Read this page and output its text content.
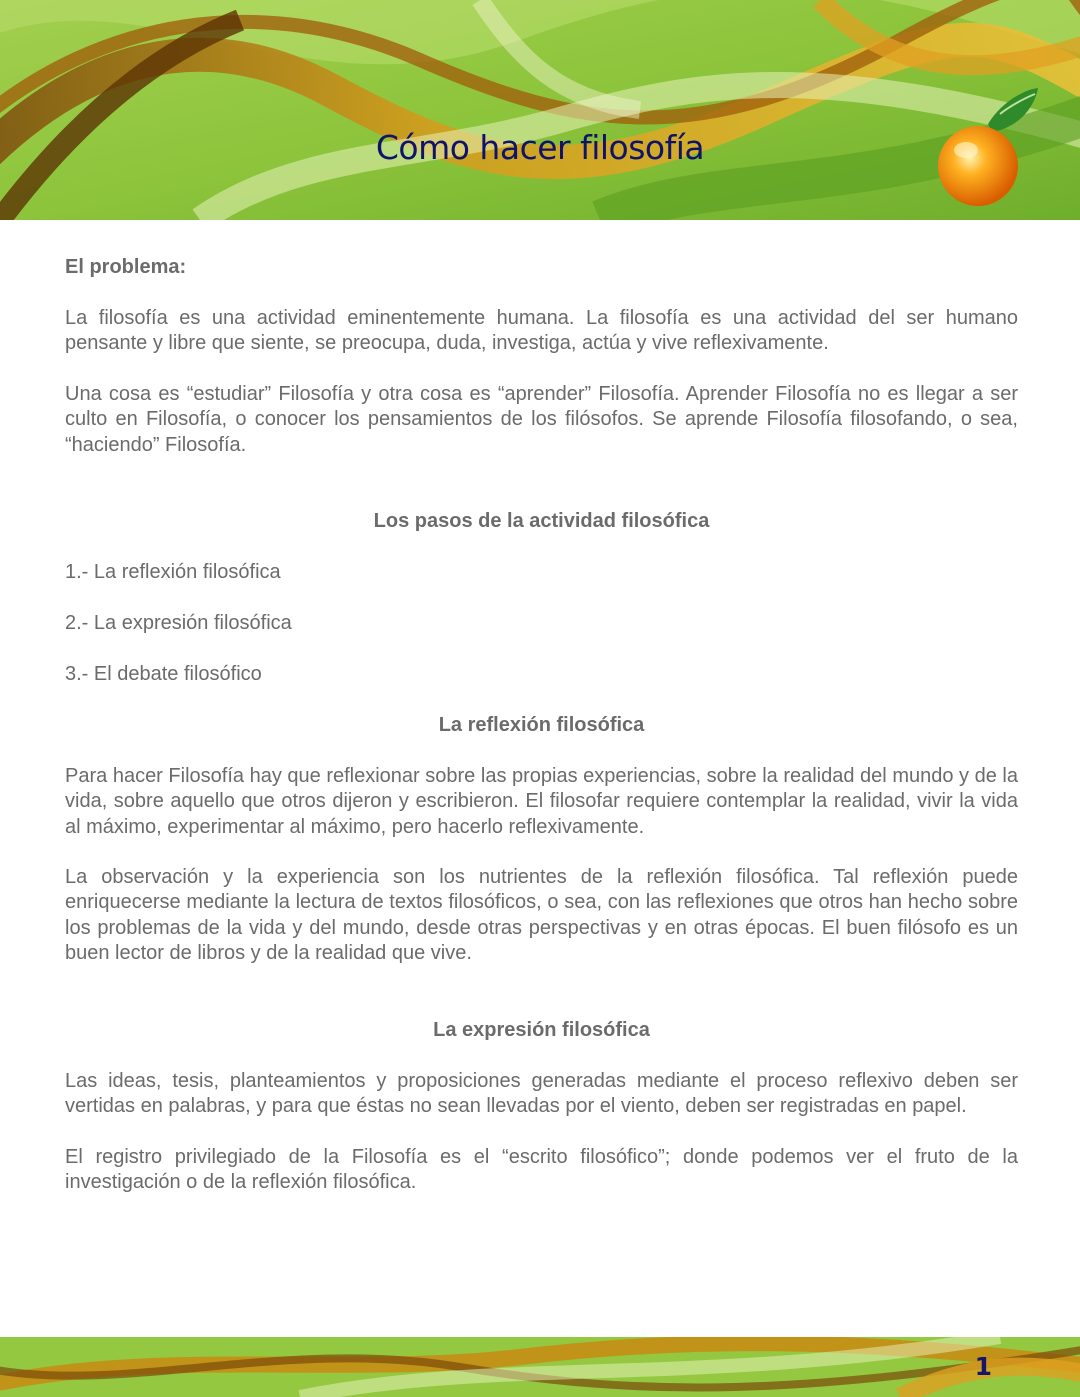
Cómo hacer filosofía

El problema:

La filosofía es una actividad eminentemente humana. La filosofía es una actividad del ser humano pensante y libre que siente, se preocupa, duda, investiga, actúa y vive reflexivamente.

Una cosa es “estudiar” Filosofía y otra cosa es “aprender” Filosofía. Aprender Filosofía no es llegar a ser culto en Filosofía, o conocer los pensamientos de los filósofos. Se aprende Filosofía filosofando, o sea, “haciendo” Filosofía.

Los pasos de la actividad filosófica

1.- La reflexión filosófica

2.- La expresión filosófica

3.- El debate filosófico

La reflexión filosófica

Para hacer Filosofía hay que reflexionar sobre las propias experiencias, sobre la realidad del mundo y de la vida, sobre aquello que otros dijeron y escribieron. El filosofar requiere contemplar la realidad, vivir la vida al máximo, experimentar al máximo, pero hacerlo reflexivamente.

La observación y la experiencia son los nutrientes de la reflexión filosófica. Tal reflexión puede enriquecerse mediante la lectura de textos filosóficos, o sea, con las reflexiones que otros han hecho sobre los problemas de la vida y del mundo, desde otras perspectivas y en otras épocas. El buen filósofo es un buen lector de libros y de la realidad que vive.

La expresión filosófica

Las ideas, tesis, planteamientos y proposiciones generadas mediante el proceso reflexivo deben ser vertidas en palabras, y para que éstas no sean llevadas por el viento, deben ser registradas en papel.

El registro privilegiado de la Filosofía es el “escrito filosófico”; donde podemos ver el fruto de la investigación o de la reflexión filosófica.

1
